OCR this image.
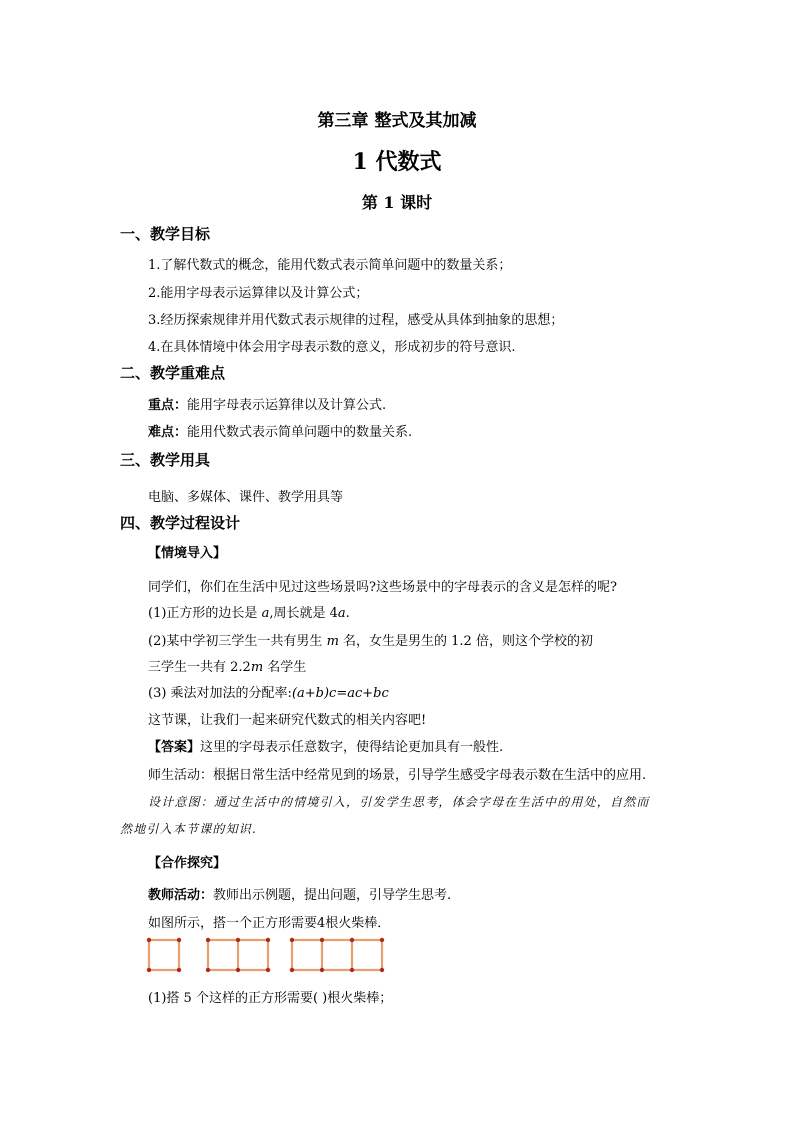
第三章 整式及其加减
1 代数式
第 1 课时
一、教学目标
1.了解代数式的概念，能用代数式表示简单问题中的数量关系；
2.能用字母表示运算律以及计算公式；
3.经历探索规律并用代数式表示规律的过程，感受从具体到抽象的思想；
4.在具体情境中体会用字母表示数的意义，形成初步的符号意识.
二、教学重难点
重点：能用字母表示运算律以及计算公式.
难点：能用代数式表示简单问题中的数量关系.
三、教学用具
电脑、多媒体、课件、教学用具等
四、教学过程设计
【情境导入】
同学们，你们在生活中见过这些场景吗?这些场景中的字母表示的含义是怎样的呢?
(1)正方形的边长是 a,周长就是 4a.
(2)某中学初三学生一共有男生 m 名，女生是男生的 1.2 倍，则这个学校的初
三学生一共有 2.2m 名学生
(3) 乘法对加法的分配率:(a+b)c=ac+bc
这节课，让我们一起来研究代数式的相关内容吧!
【答案】这里的字母表示任意数字，使得结论更加具有一般性.
师生活动：根据日常生活中经常见到的场景，引导学生感受字母表示数在生活中的应用.
设计意图：通过生活中的情境引入，引发学生思考，体会字母在生活中的用处，自然而
然地引入本节课的知识.
【合作探究】
教师活动：教师出示例题，提出问题，引导学生思考.
如图所示，搭一个正方形需要4根火柴棒．
(1)搭 5 个这样的正方形需要( )根火柴棒；
